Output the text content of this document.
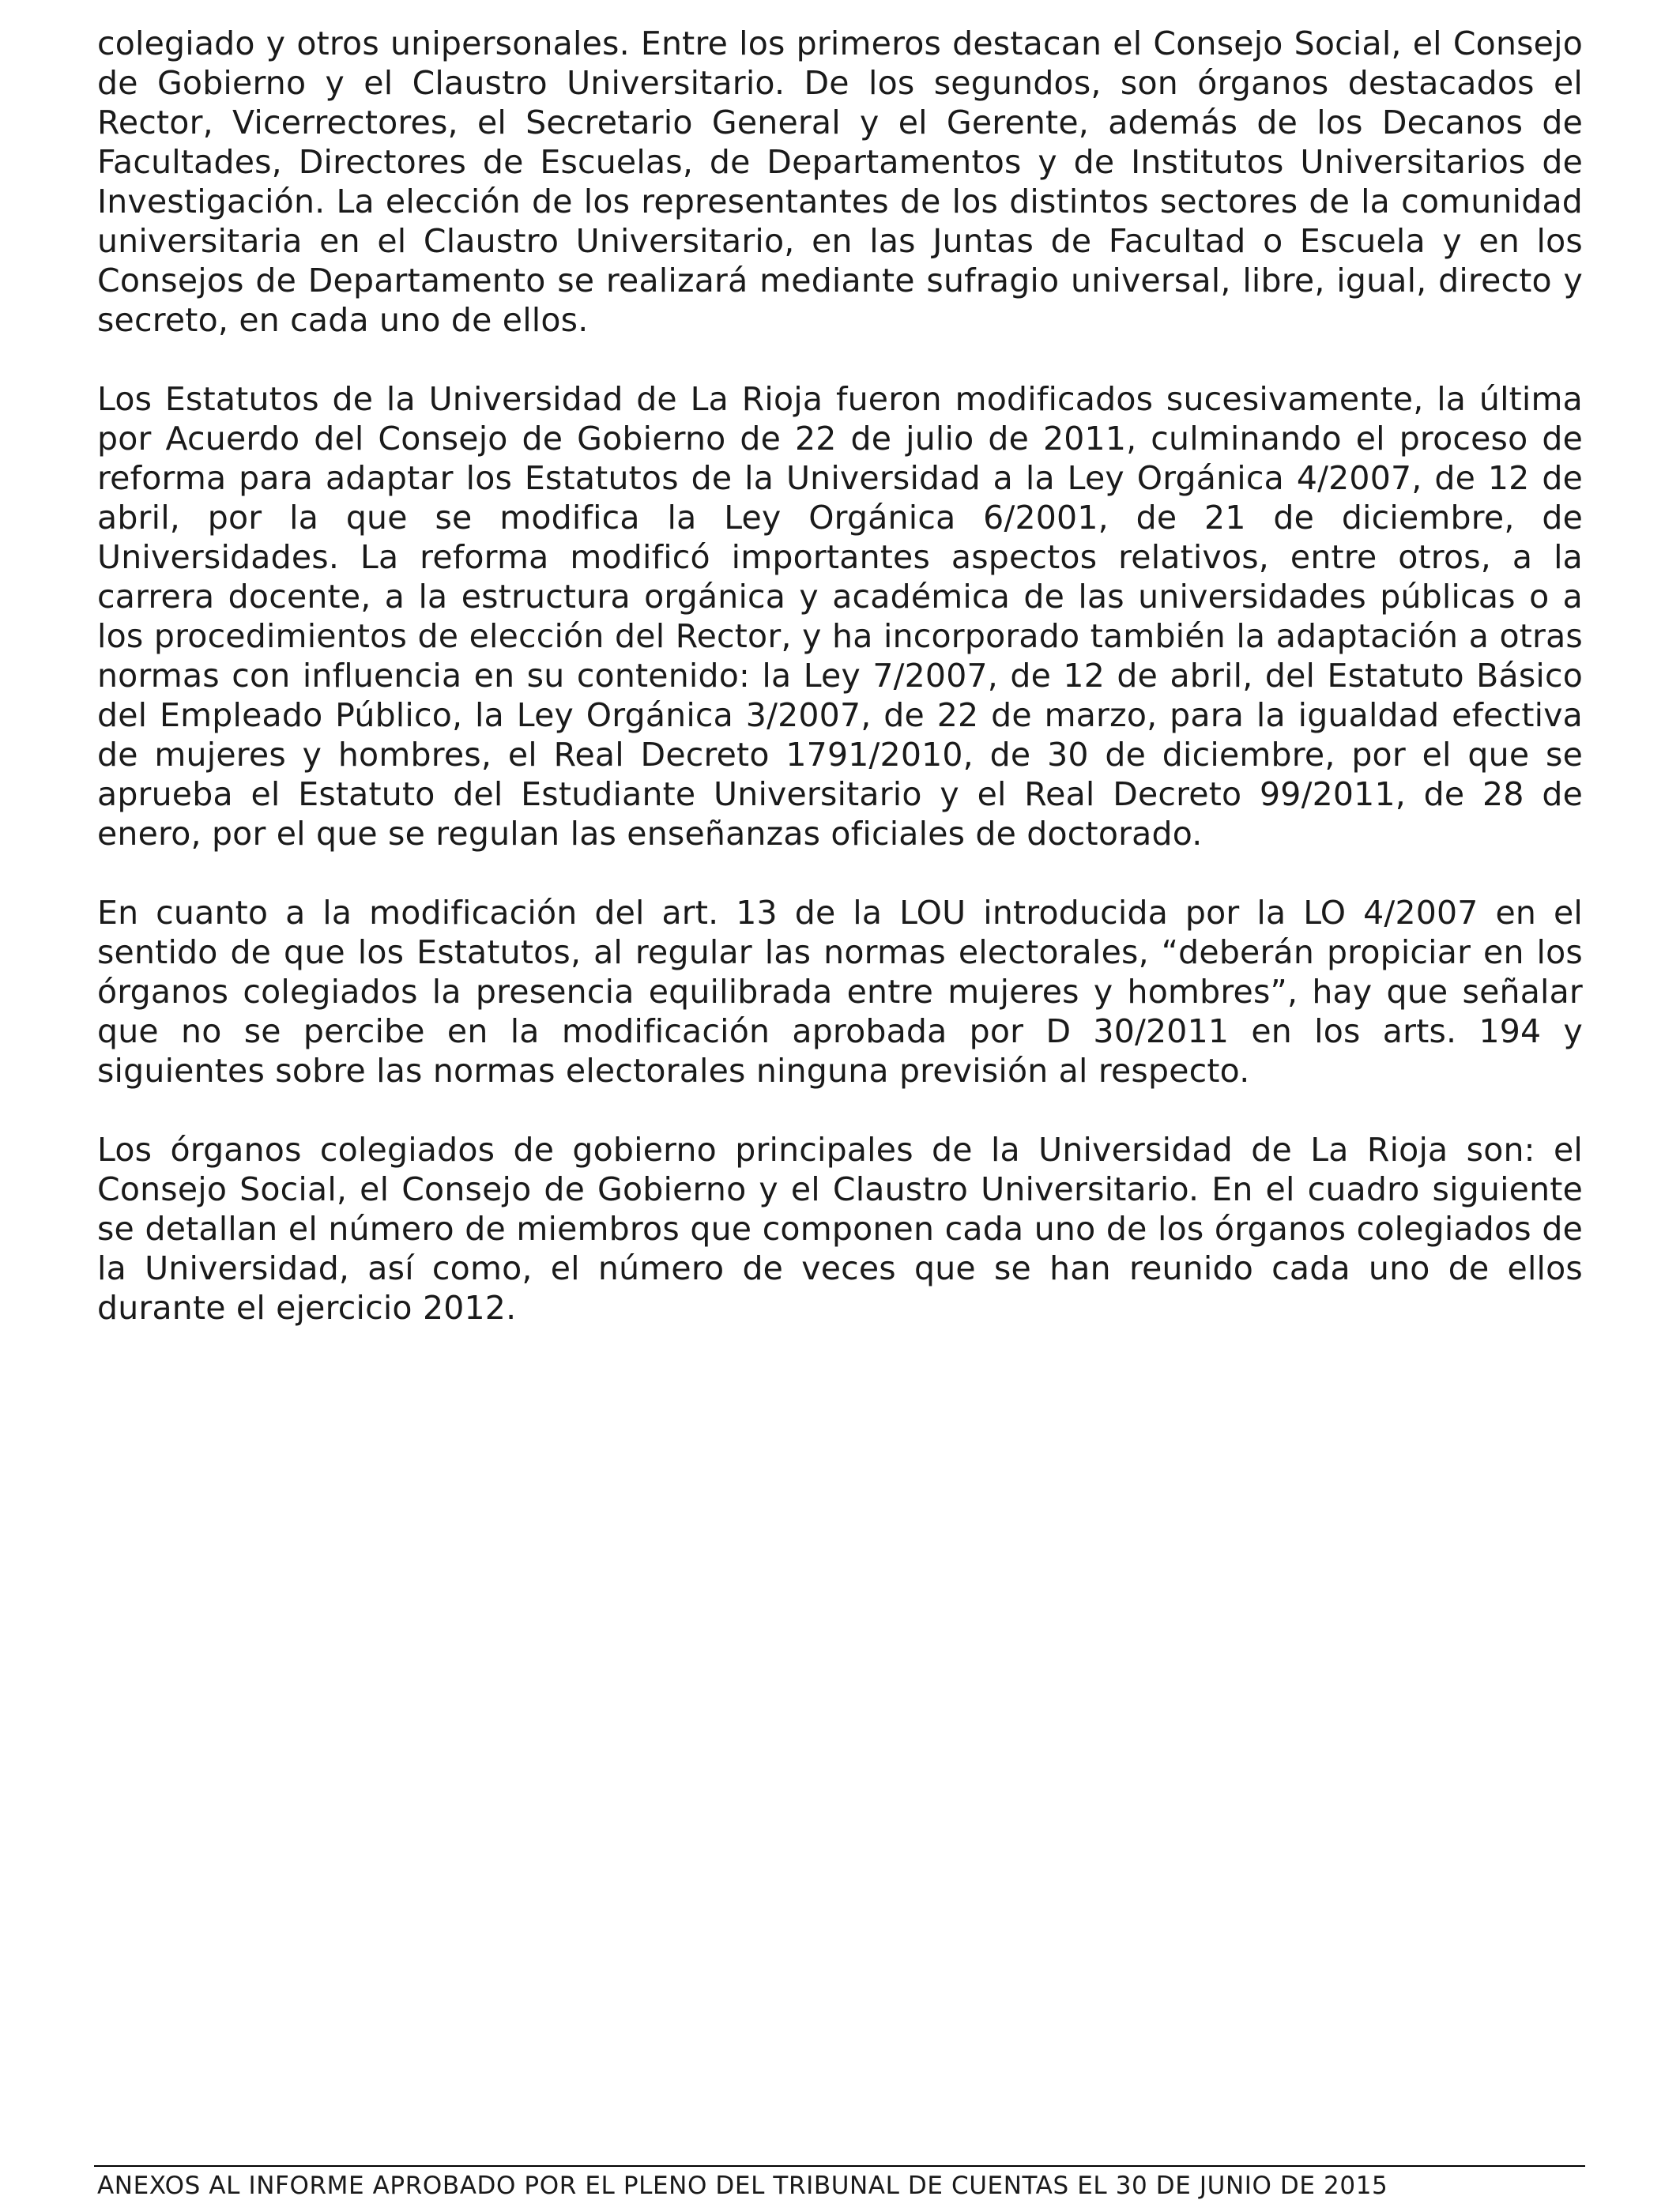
colegiado y otros unipersonales. Entre los primeros destacan el Consejo Social, el Consejo de Gobierno y el Claustro Universitario. De los segundos, son órganos destacados el Rector, Vicerrectores, el Secretario General y el Gerente, además de los Decanos de Facultades, Directores de Escuelas, de Departamentos y de Institutos Universitarios de Investigación. La elección de los representantes de los distintos sectores de la comunidad universitaria en el Claustro Universitario, en las Juntas de Facultad o Escuela y en los Consejos de Departamento se realizará mediante sufragio universal, libre, igual, directo y secreto, en cada uno de ellos.

Los Estatutos de la Universidad de La Rioja fueron modificados sucesivamente, la última por Acuerdo del Consejo de Gobierno de 22 de julio de 2011, culminando el proceso de reforma para adaptar los Estatutos de la Universidad a la Ley Orgánica 4/2007, de 12 de abril, por la que se modifica la Ley Orgánica 6/2001, de 21 de diciembre, de Universidades. La reforma modificó importantes aspectos relativos, entre otros, a la carrera docente, a la estructura orgánica y académica de las universidades públicas o a los procedimientos de elección del Rector, y ha incorporado también la adaptación a otras normas con influencia en su contenido: la Ley 7/2007, de 12 de abril, del Estatuto Básico del Empleado Público, la Ley Orgánica 3/2007, de 22 de marzo, para la igualdad efectiva de mujeres y hombres, el Real Decreto 1791/2010, de 30 de diciembre, por el que se aprueba el Estatuto del Estudiante Universitario y el Real Decreto 99/2011, de 28 de enero, por el que se regulan las enseñanzas oficiales de doctorado.

En cuanto a la modificación del art. 13 de la LOU introducida por la LO 4/2007 en el sentido de que los Estatutos, al regular las normas electorales, “deberán propiciar en los órganos colegiados la presencia equilibrada entre mujeres y hombres”, hay que señalar que no se percibe en la modificación aprobada por D 30/2011 en los arts. 194 y siguientes sobre las normas electorales ninguna previsión al respecto.

Los órganos colegiados de gobierno principales de la Universidad de La Rioja son: el Consejo Social, el Consejo de Gobierno y el Claustro Universitario. En el cuadro siguiente se detallan el número de miembros que componen cada uno de los órganos colegiados de la Universidad, así como, el número de veces que se han reunido cada uno de ellos durante el ejercicio 2012.

ANEXOS AL INFORME APROBADO POR EL PLENO DEL TRIBUNAL DE CUENTAS EL 30 DE JUNIO DE 2015
